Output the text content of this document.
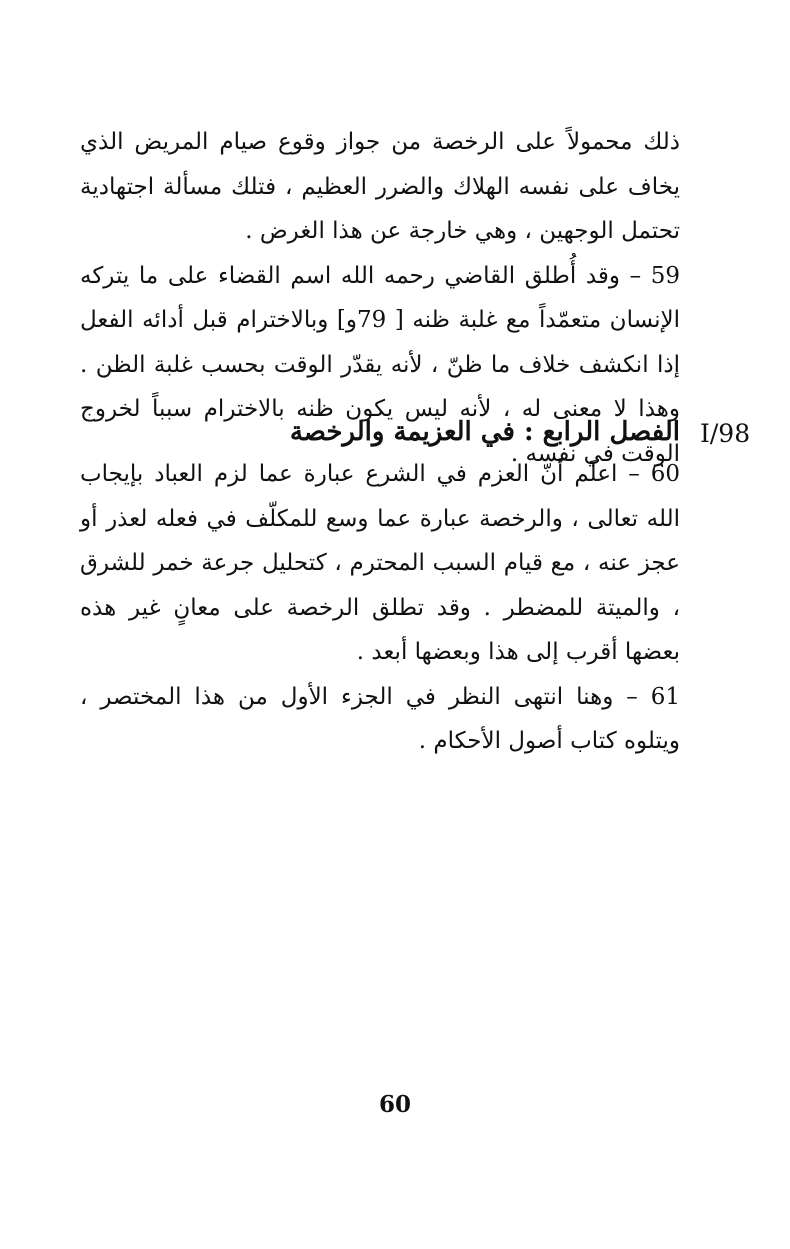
ذلك محمولاً على الرخصة من جواز وقوع صيام المريض الذي يخاف على نفسه الهلاك والضرر العظيم ، فتلك مسألة اجتهادية تحتمل الوجهين ، وهي خارجة عن هذا الغرض .

59 – وقد أُطلق القاضي رحمه الله اسم القضاء على ما يتركه الإنسان متعمّداً مع غلبة ظنه [ 79و] وبالاخترام قبل أدائه الفعل إذا انكشف خلاف ما ظنّ ، لأنه يقدّر الوقت بحسب غلبة الظن . وهذا لا معنى له ، لأنه ليس يكون ظنه بالاخترام سبباً لخروج الوقت في نفسه .

I/98
الفصل الرابع : في العزيمة والرخصة

60 – اعلَم أنّ العزم في الشرع عبارة عما لزم العباد بإيجاب الله تعالى ، والرخصة عبارة عما وسع للمكلّف في فعله لعذر أو عجز عنه ، مع قيام السبب المحترم ، كتحليل جرعة خمر للشرق ، والميتة للمضطر . وقد تطلق الرخصة على معانٍ غير هذه بعضها أقرب إلى هذا وبعضها أبعد .

61 – وهنا انتهى النظر في الجزء الأول من هذا المختصر ، ويتلوه كتاب أصول الأحكام .

60
